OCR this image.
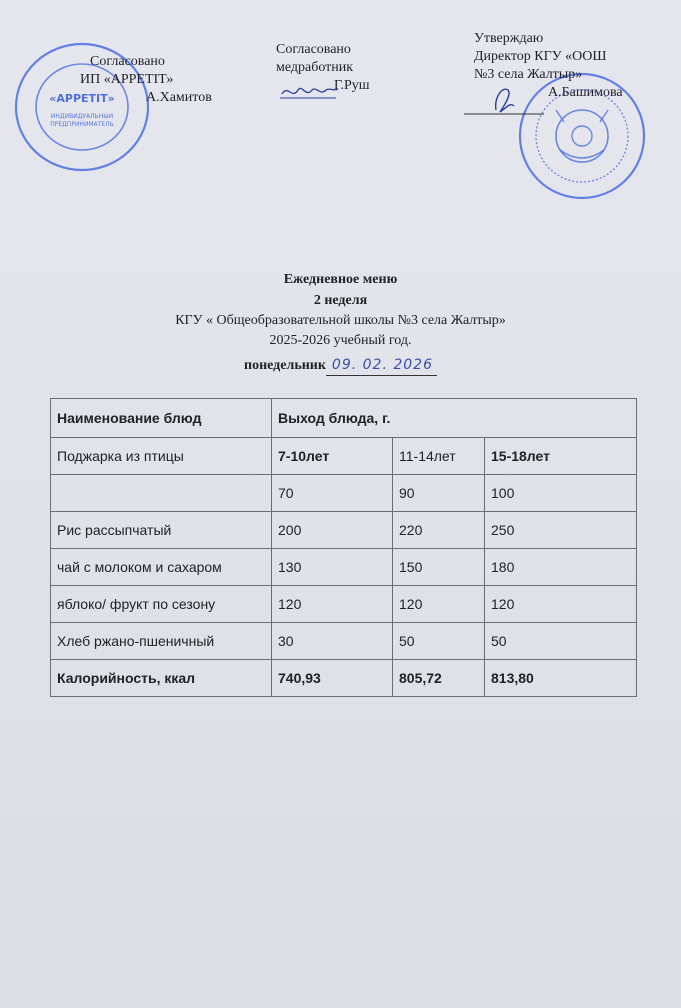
«АРРЕТIТ»
ИНДИВИДУАЛЬНЫЙ
ПРЕДПРИНИМАТЕЛЬ
Согласовано
ИП «АРРЕТIТ»
А.Хамитов
Согласовано
медработник
Г.Руш
Утверждаю
Директор КГУ «ООШ
№3 села Жалтыр»
А.Башимова
Ежедневное меню
2 неделя
КГУ « Общеобразовательной школы №3 села Жалтыр»
2025-2026 учебный год.
понедельник 09. 02. 2026
Наименование блюд	Выход блюда, г.		
Поджарка из птицы	7-10лет	11-14лет	15-18лет
	70	90	100
Рис рассыпчатый	200	220	250
чай с молоком и сахаром	130	150	180
яблоко/ фрукт по сезону	120	120	120
Хлеб ржано-пшеничный	30	50	50
Калорийность, ккал	740,93	805,72	813,80
